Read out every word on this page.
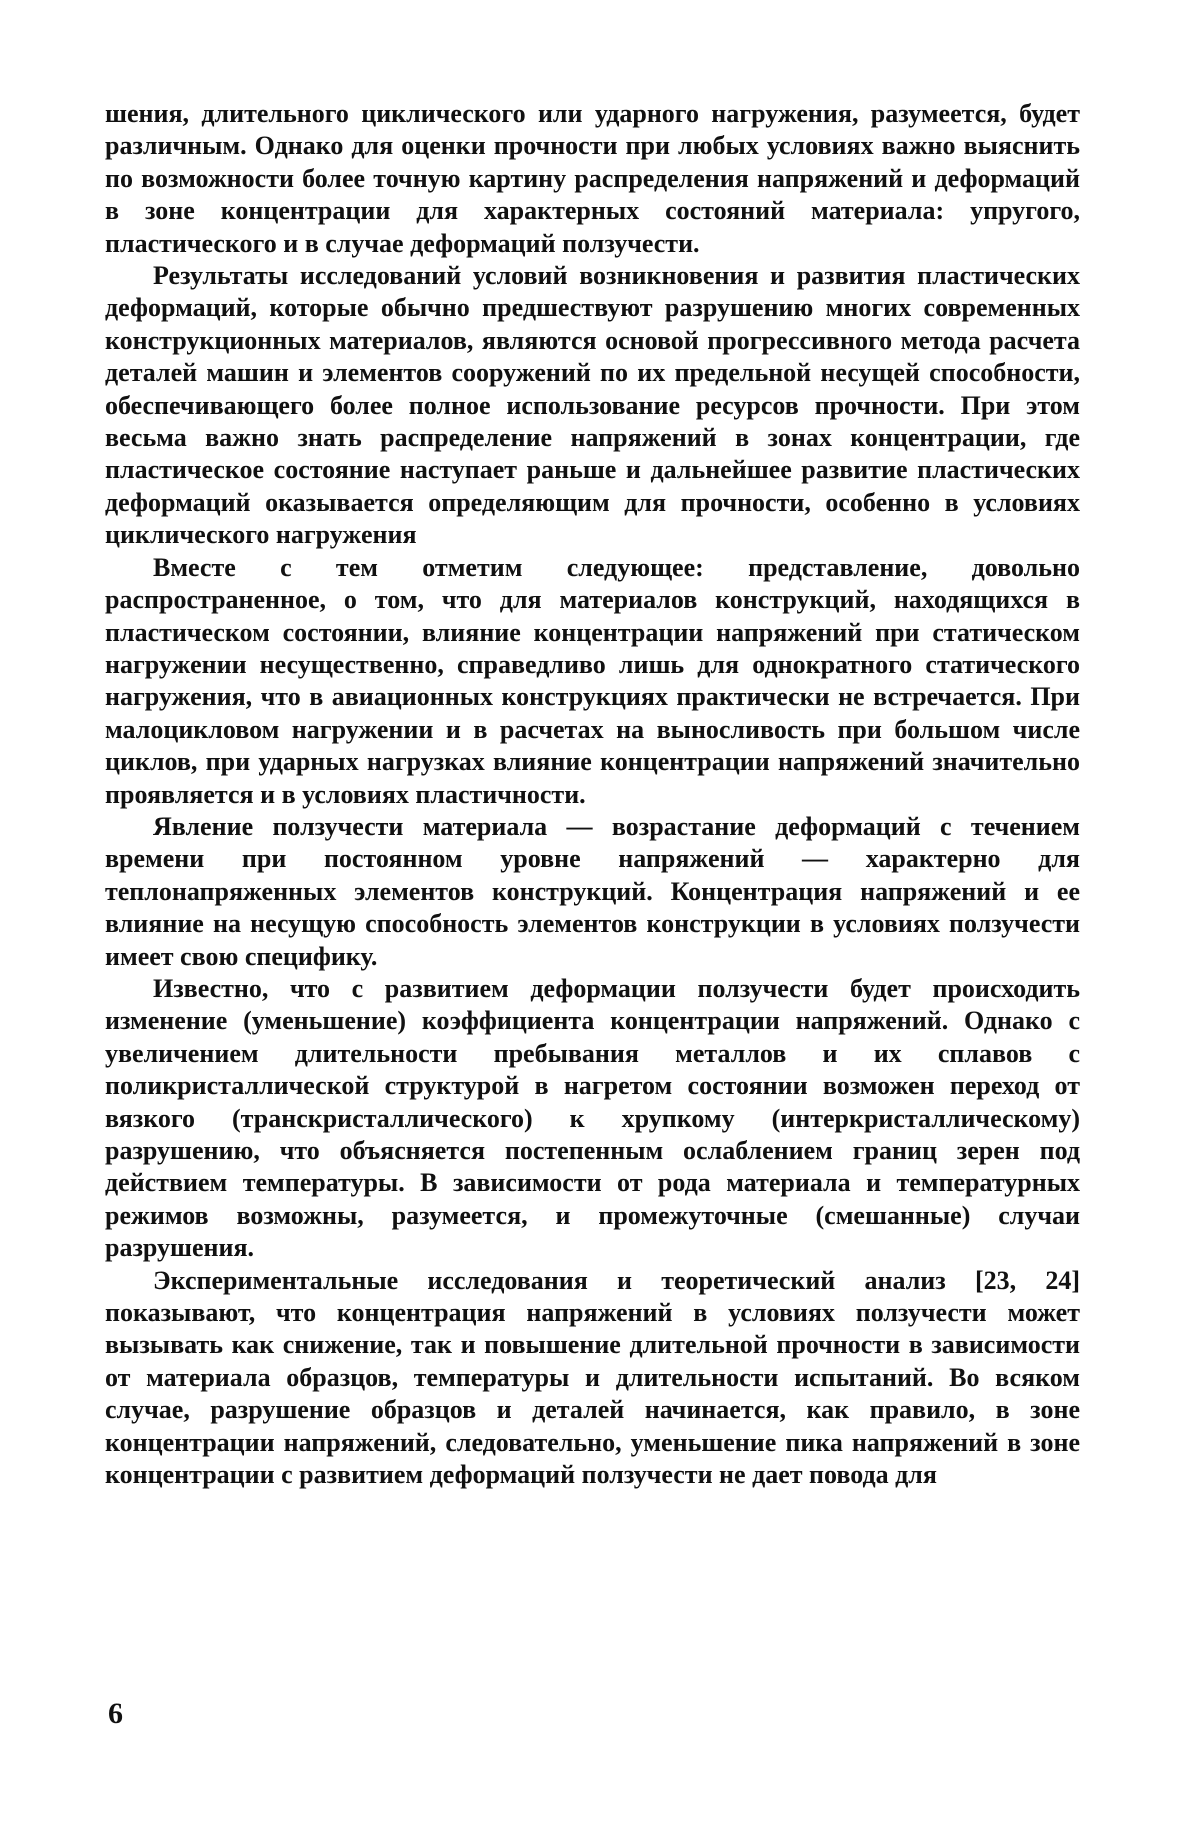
шения, длительного циклического или ударного нагружения, разумеется, будет различным. Однако для оценки прочности при любых условиях важно выяснить по возможности более точную картину распределения напряжений и деформаций в зоне концентрации для характерных состояний материала: упругого, пластического и в случае деформаций ползучести.

Результаты исследований условий возникновения и развития пластических деформаций, которые обычно предшествуют разрушению многих современных конструкционных материалов, являются основой прогрессивного метода расчета деталей машин и элементов сооружений по их предельной несущей способности, обеспечивающего более полное использование ресурсов прочности. При этом весьма важно знать распределение напряжений в зонах концентрации, где пластическое состояние наступает раньше и дальнейшее развитие пластических деформаций оказывается определяющим для прочности, особенно в условиях циклического нагружения

Вместе с тем отметим следующее: представление, довольно распространенное, о том, что для материалов конструкций, находящихся в пластическом состоянии, влияние концентрации напряжений при статическом нагружении несущественно, справедливо лишь для однократного статического нагружения, что в авиационных конструкциях практически не встречается. При малоцикловом нагружении и в расчетах на выносливость при большом числе циклов, при ударных нагрузках влияние концентрации напряжений значительно проявляется и в условиях пластичности.

Явление ползучести материала — возрастание деформаций с течением времени при постоянном уровне напряжений — характерно для теплонапряженных элементов конструкций. Концентрация напряжений и ее влияние на несущую способность элементов конструкции в условиях ползучести имеет свою специфику.

Известно, что с развитием деформации ползучести будет происходить изменение (уменьшение) коэффициента концентрации напряжений. Однако с увеличением длительности пребывания металлов и их сплавов с поликристаллической структурой в нагретом состоянии возможен переход от вязкого (транскристаллического) к хрупкому (интеркристаллическому) разрушению, что объясняется постепенным ослаблением границ зерен под действием температуры. В зависимости от рода материала и температурных режимов возможны, разумеется, и промежуточные (смешанные) случаи разрушения.

Экспериментальные исследования и теоретический анализ [23, 24] показывают, что концентрация напряжений в условиях ползучести может вызывать как снижение, так и повышение длительной прочности в зависимости от материала образцов, температуры и длительности испытаний. Во всяком случае, разрушение образцов и деталей начинается, как правило, в зоне концентрации напряжений, следовательно, уменьшение пика напряжений в зоне концентрации с развитием деформаций ползучести не дает повода для

6
